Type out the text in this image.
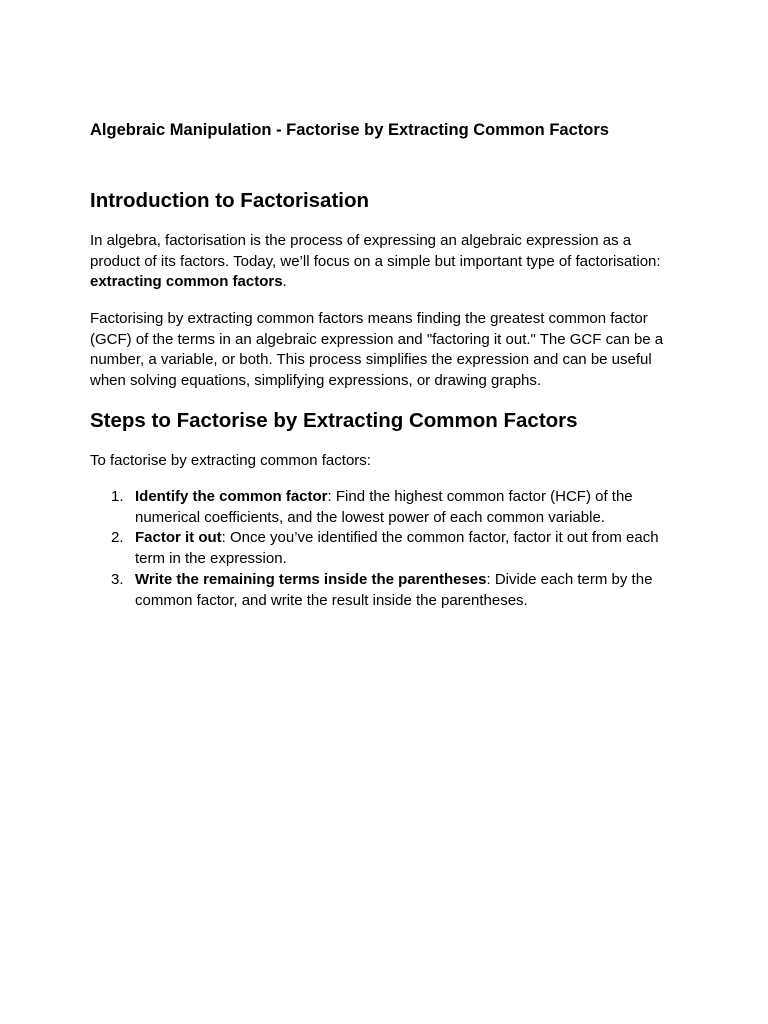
Algebraic Manipulation - Factorise by Extracting Common Factors
Introduction to Factorisation

In algebra, factorisation is the process of expressing an algebraic expression as a product of its factors. Today, we’ll focus on a simple but important type of factorisation: extracting common factors.

Factorising by extracting common factors means finding the greatest common factor (GCF) of the terms in an algebraic expression and "factoring it out." The GCF can be a number, a variable, or both. This process simplifies the expression and can be useful when solving equations, simplifying expressions, or drawing graphs.

Steps to Factorise by Extracting Common Factors

To factorise by extracting common factors:

1. Identify the common factor: Find the highest common factor (HCF) of the numerical coefficients, and the lowest power of each common variable.
2. Factor it out: Once you’ve identified the common factor, factor it out from each term in the expression.
3. Write the remaining terms inside the parentheses: Divide each term by the common factor, and write the result inside the parentheses.
